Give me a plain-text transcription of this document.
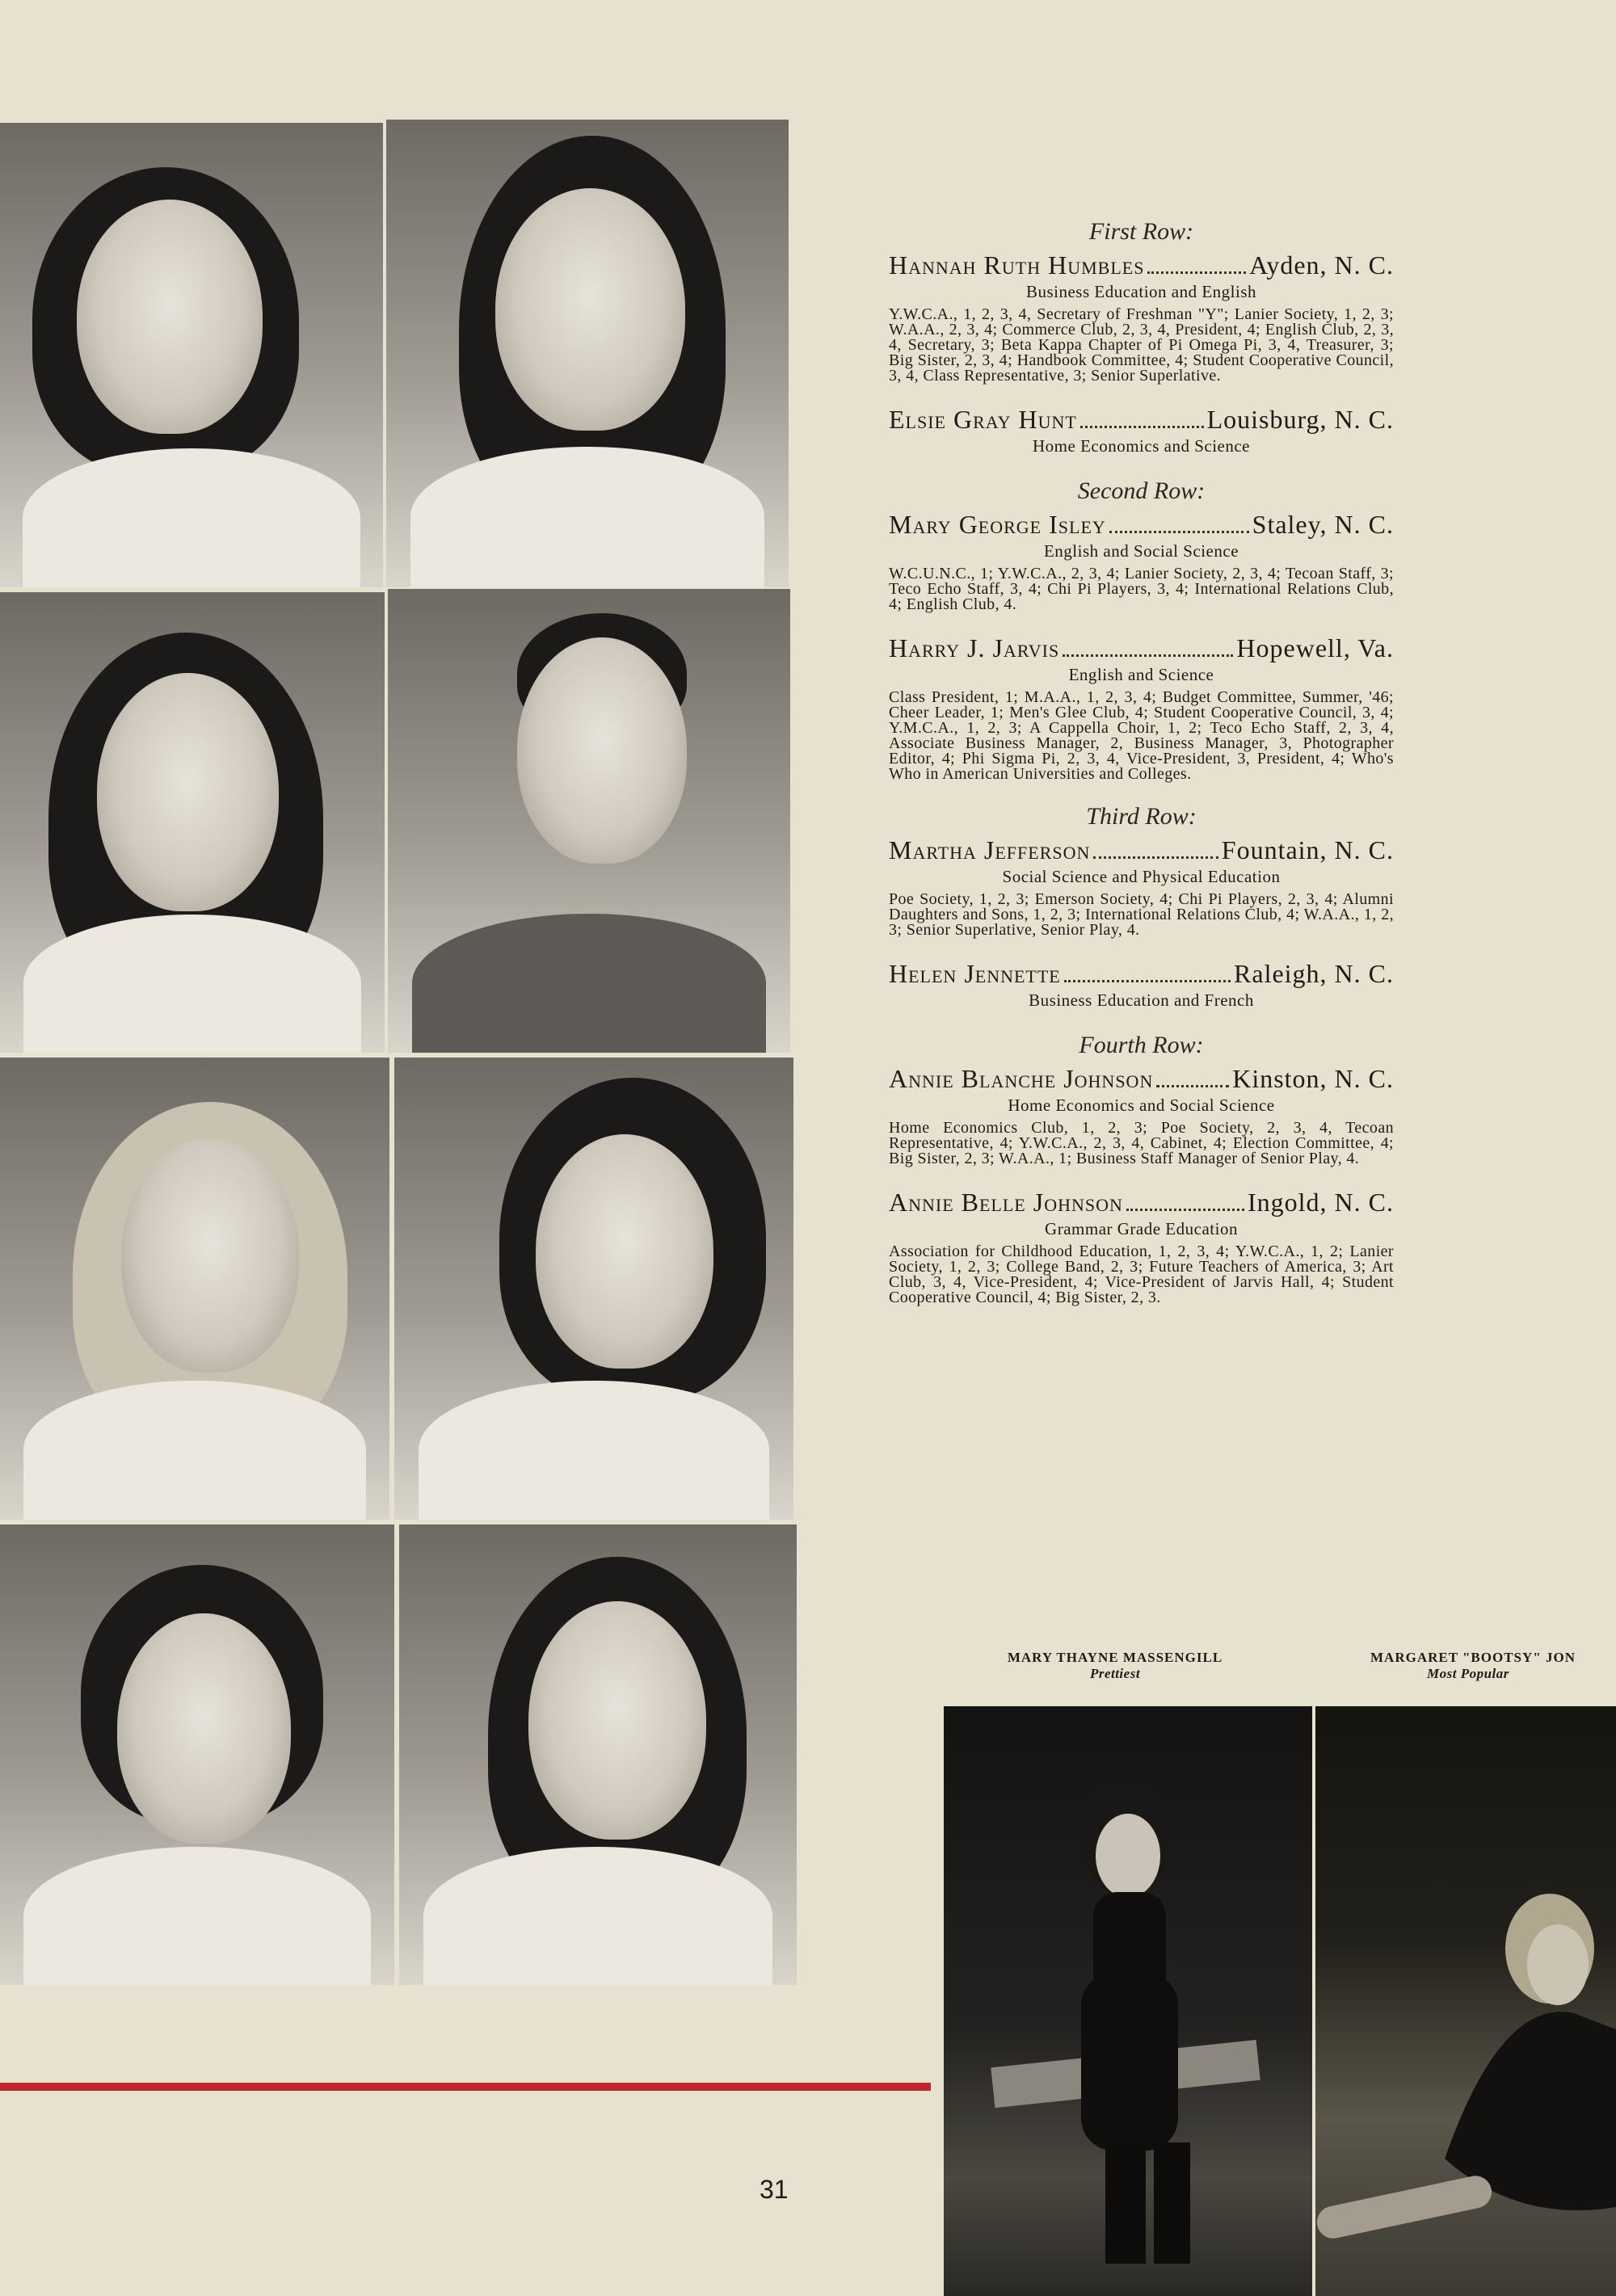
First Row:
Hannah Ruth Humbles	Ayden, N. C.
Business Education and English
Y.W.C.A., 1, 2, 3, 4, Secretary of Freshman "Y"; Lanier Society, 1, 2, 3; W.A.A., 2, 3, 4; Commerce Club, 2, 3, 4, President, 4; English Club, 2, 3, 4, Secretary, 3; Beta Kappa Chapter of Pi Omega Pi, 3, 4, Treasurer, 3; Big Sister, 2, 3, 4; Handbook Committee, 4; Student Cooperative Council, 3, 4, Class Representative, 3; Senior Superlative.
Elsie Gray Hunt	Louisburg, N. C.
Home Economics and Science
Second Row:
Mary George Isley	Staley, N. C.
English and Social Science
W.C.U.N.C., 1; Y.W.C.A., 2, 3, 4; Lanier Society, 2, 3, 4; Tecoan Staff, 3; Teco Echo Staff, 3, 4; Chi Pi Players, 3, 4; International Relations Club, 4; English Club, 4.
Harry J. Jarvis	Hopewell, Va.
English and Science
Class President, 1; M.A.A., 1, 2, 3, 4; Budget Committee, Summer, '46; Cheer Leader, 1; Men's Glee Club, 4; Student Cooperative Council, 3, 4; Y.M.C.A., 1, 2, 3; A Cappella Choir, 1, 2; Teco Echo Staff, 2, 3, 4, Associate Business Manager, 2, Business Manager, 3, Photographer Editor, 4; Phi Sigma Pi, 2, 3, 4, Vice-President, 3, President, 4; Who's Who in American Universities and Colleges.
Third Row:
Martha Jefferson	Fountain, N. C.
Social Science and Physical Education
Poe Society, 1, 2, 3; Emerson Society, 4; Chi Pi Players, 2, 3, 4; Alumni Daughters and Sons, 1, 2, 3; International Relations Club, 4; W.A.A., 1, 2, 3; Senior Superlative, Senior Play, 4.
Helen Jennette	Raleigh, N. C.
Business Education and French
Fourth Row:
Annie Blanche Johnson	Kinston, N. C.
Home Economics and Social Science
Home Economics Club, 1, 2, 3; Poe Society, 2, 3, 4, Tecoan Representative, 4; Y.W.C.A., 2, 3, 4, Cabinet, 4; Election Committee, 4; Big Sister, 2, 3; W.A.A., 1; Business Staff Manager of Senior Play, 4.
Annie Belle Johnson	Ingold, N. C.
Grammar Grade Education
Association for Childhood Education, 1, 2, 3, 4; Y.W.C.A., 1, 2; Lanier Society, 1, 2, 3; College Band, 2, 3; Future Teachers of America, 3; Art Club, 3, 4, Vice-President, 4; Vice-President of Jarvis Hall, 4; Student Cooperative Council, 4; Big Sister, 2, 3.
MARY THAYNE MASSENGILL
Prettiest
MARGARET "BOOTSY" JON
Most Popular
31
